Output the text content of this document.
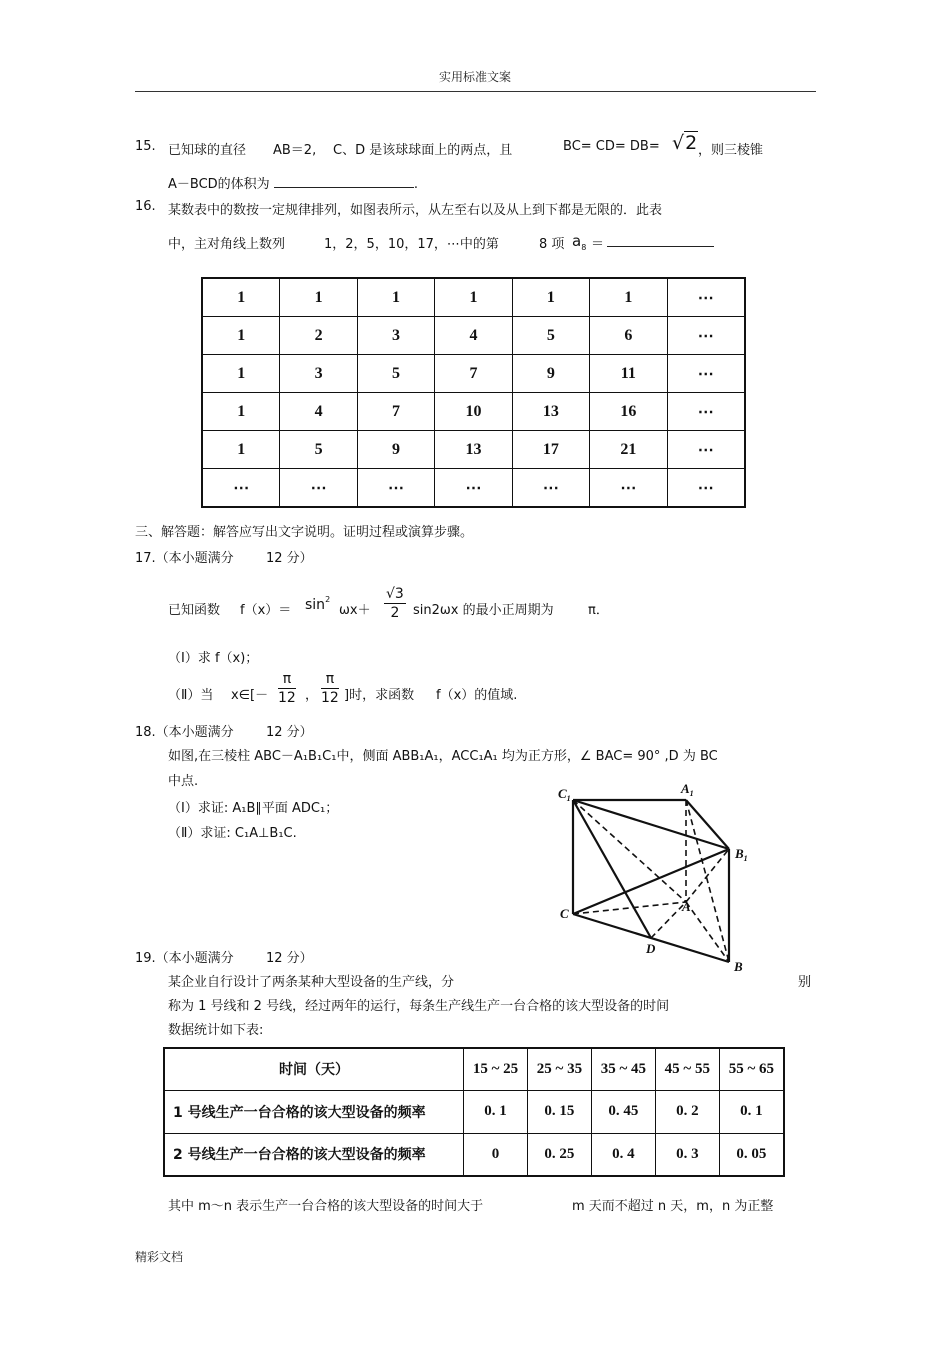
实用标准文案
15. 已知球的直径 AB＝2, C、D 是该球球面上的两点，且	BC= CD= DB= √2 ，则三棱锥
A－BCD的体积为	.
16. 某数表中的数按一定规律排列，如图表所示，从左至右以及从上到下都是无限的．此表
中，主对角线上数列	1，2，5，10，17，⋯中的第	8 项 $a_8$ ＝
1	1	1	1	1	1	⋯
1	2	3	4	5	6	⋯
1	3	5	7	9	11	⋯
1	4	7	10	13	16	⋯
1	5	9	13	17	21	⋯
⋯	⋯	⋯	⋯	⋯	⋯	⋯
三、解答题：解答应写出文字说明。证明过程或演算步骤。
17.（本小题满分 12 分）
已知函数 $f(x)= \sin^2$
$\omega x+ \frac{√3}{2} \sin 2\omega x$ 的最小正周期为	π．
（Ⅰ）求 f（x)；
（Ⅱ）当 x∈[－ $\frac{\pi}{12}$ ， $\frac{\pi}{12}$ ]时，求函数 f（x）的值域.
18.（本小题满分 12 分）
如图,在三棱柱 ABC－A₁B₁C₁中，侧面 ABB₁A₁，ACC₁A₁ 均为正方形，∠ BAC= 90° ,D 为 BC
中点.
（Ⅰ）求证: A₁B∥平面 ADC₁；
（Ⅱ）求证: C₁A⊥B₁C.
$C_1$
$A_1$
$B_1$
C	A
D
B
19.（本小题满分 12 分）
某企业自行设计了两条某种大型设备的生产线，分	别
称为 1 号线和 2 号线，经过两年的运行，每条生产线生产一台合格的该大型设备的时间
数据统计如下表:
时间（天）	15 ~ 25	25 ~ 35	35 ~ 45	45 ~ 55	55 ~ 65
1 号线生产一台合格的该大型设备的频率	0. 1	0. 15	0. 45	0. 2	0. 1
2 号线生产一台合格的该大型设备的频率	0	0. 25	0. 4	0. 3	0. 05
其中 m～n 表示生产一台合格的该大型设备的时间大于	m 天而不超过 n 天，m，n 为正整
精彩文档
